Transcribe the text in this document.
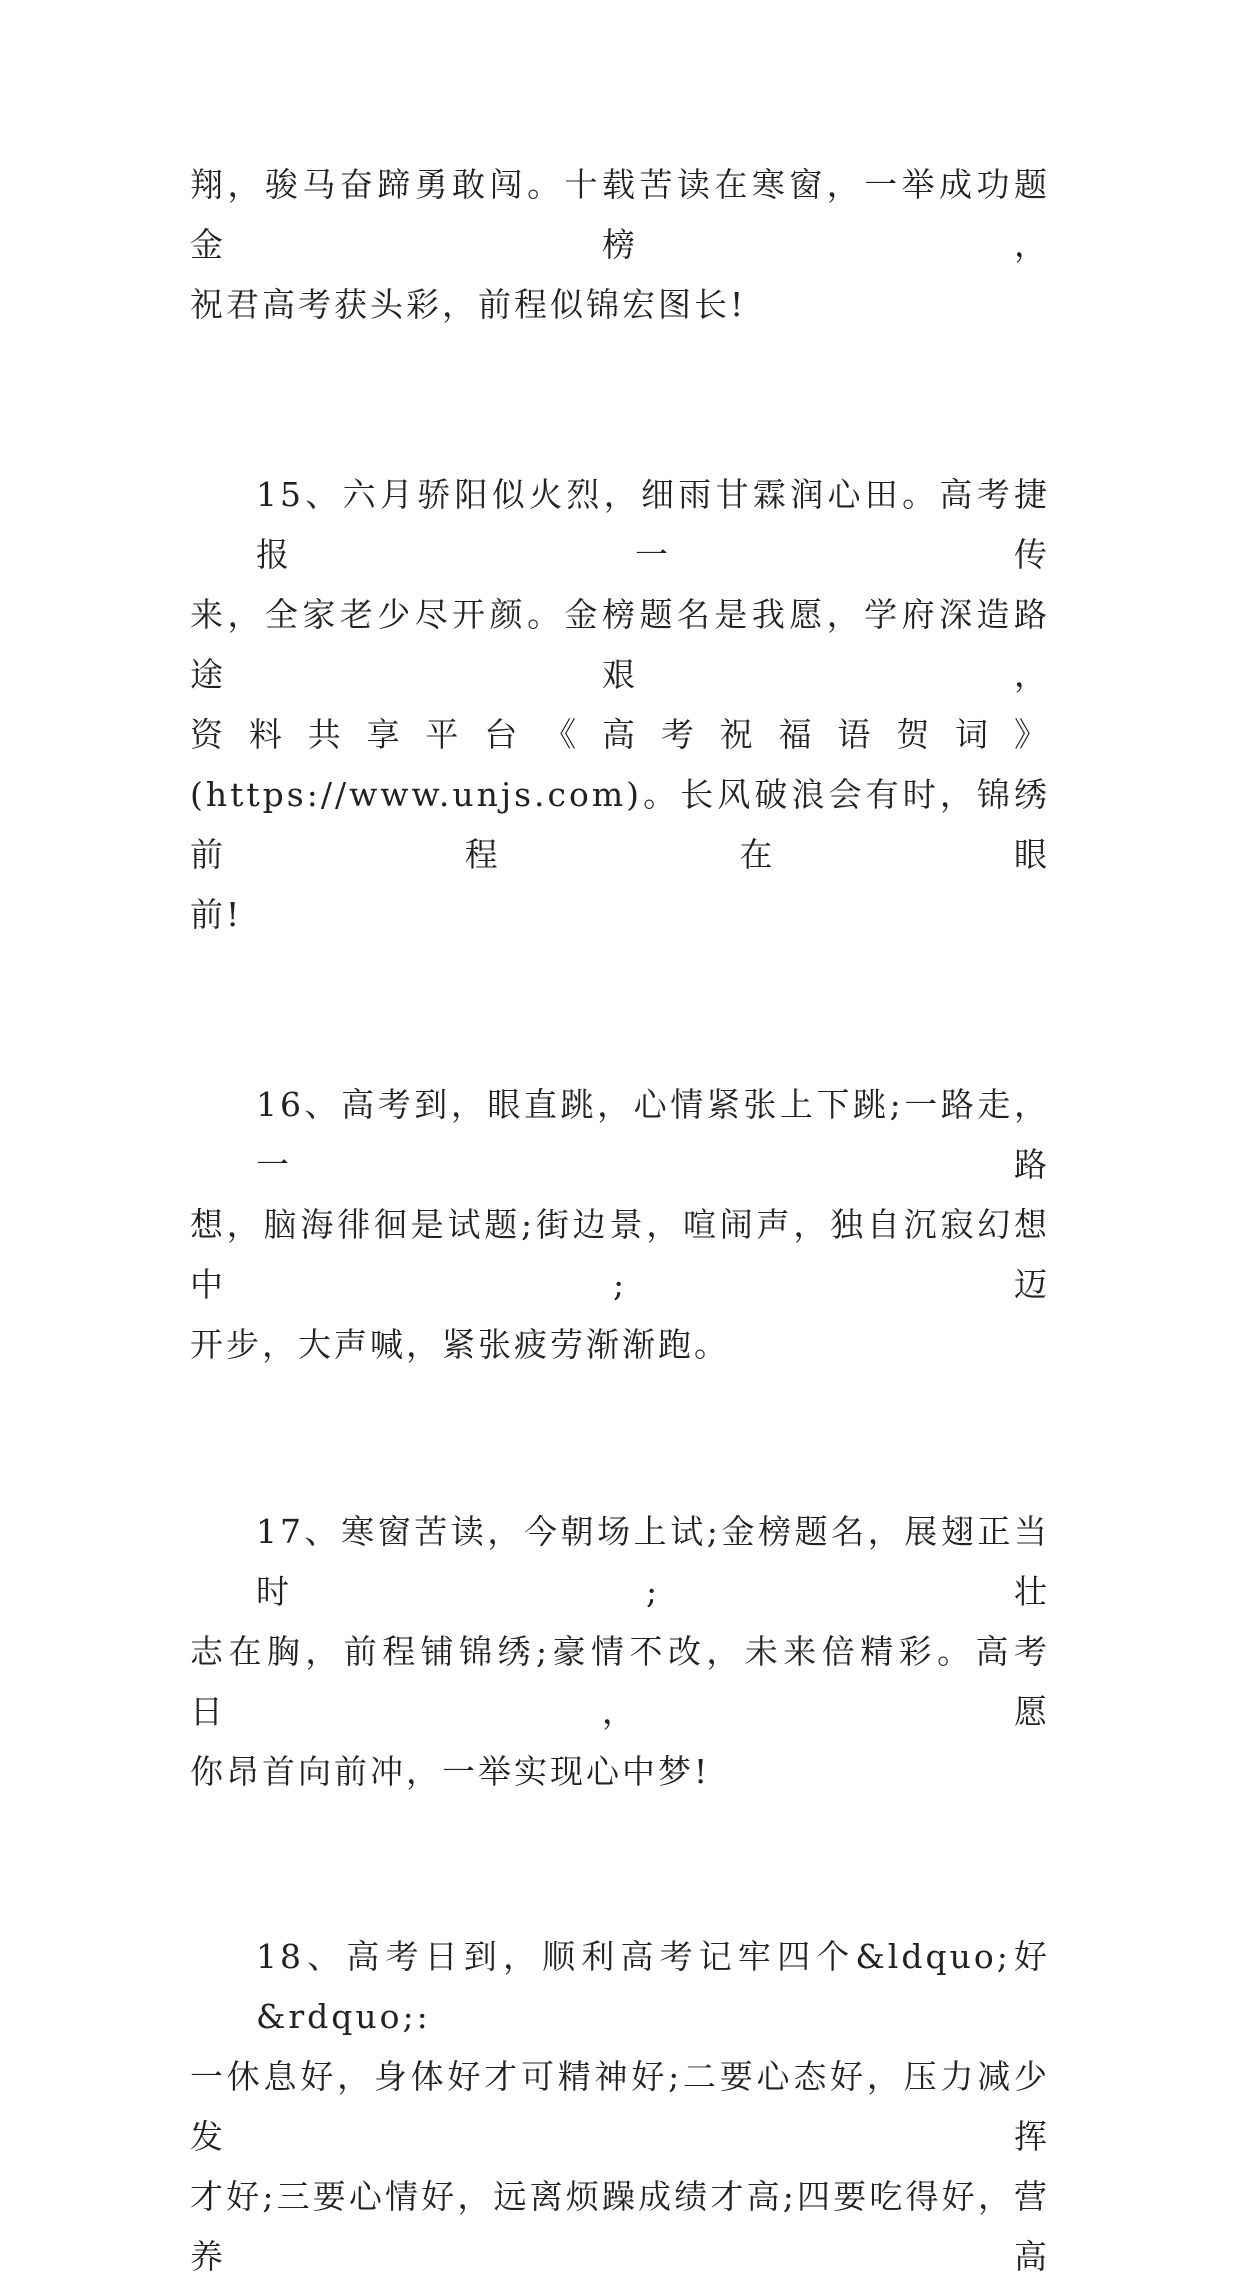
翔，骏马奋蹄勇敢闯。十载苦读在寒窗，一举成功题金榜，
祝君高考获头彩，前程似锦宏图长!
15、六月骄阳似火烈，细雨甘霖润心田。高考捷报一传
来，全家老少尽开颜。金榜题名是我愿，学府深造路途艰，
资料共享平台《高考祝福语贺词》
(https://www.unjs.com)。长风破浪会有时，锦绣前程在眼
前!
16、高考到，眼直跳，心情紧张上下跳;一路走，一路
想，脑海徘徊是试题;街边景，喧闹声，独自沉寂幻想中;迈
开步，大声喊，紧张疲劳渐渐跑。
17、寒窗苦读，今朝场上试;金榜题名，展翅正当时;壮
志在胸，前程铺锦绣;豪情不改，未来倍精彩。高考日，愿
你昂首向前冲，一举实现心中梦!
18、高考日到，顺利高考记牢四个&ldquo;好&rdquo;:
一休息好，身体好才可精神好;二要心态好，压力减少发挥
才好;三要心情好，远离烦躁成绩才高;四要吃得好，营养高
